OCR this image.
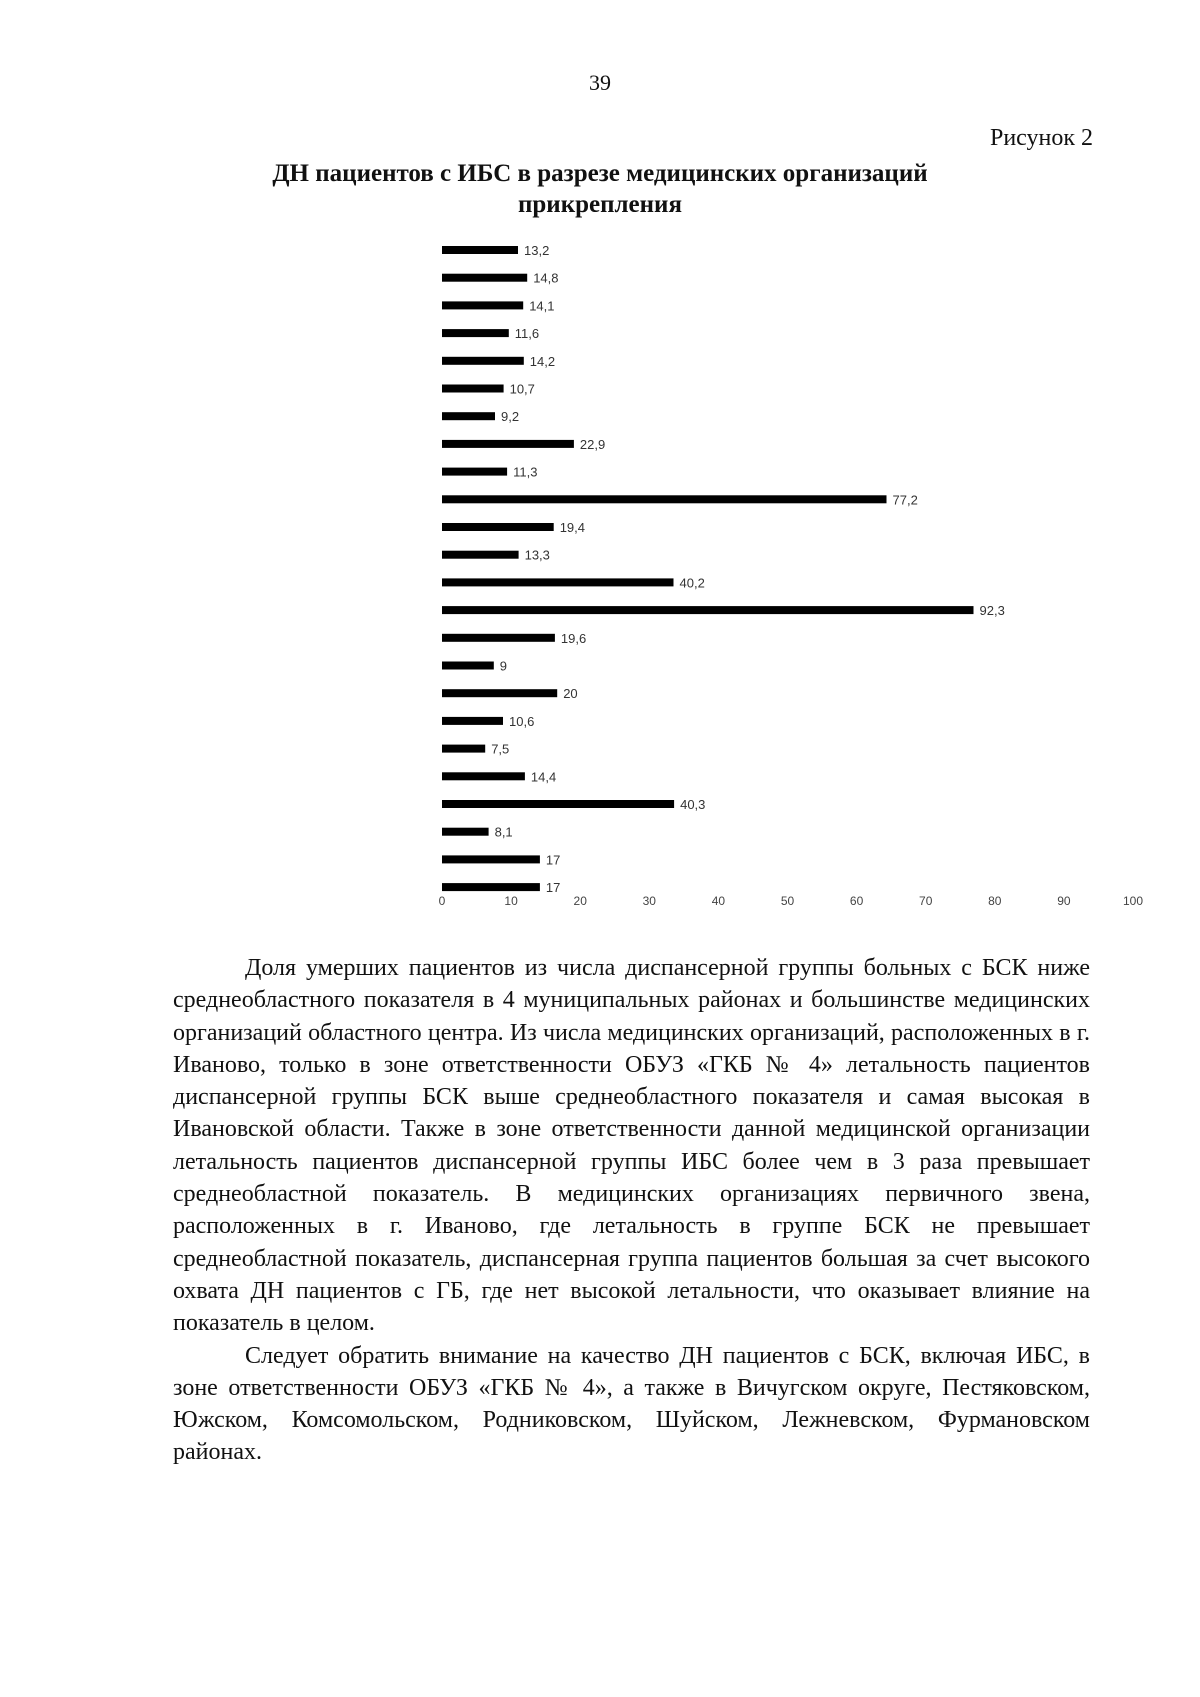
39
Рисунок 2
ДН пациентов с ИБС в разрезе медицинских организаций прикрепления
13,2
14,8
14,1
11,6
14,2
10,7
9,2
22,9
11,3
77,2
19,4
13,3
40,2
92,3
19,6
9
20
10,6
7,5
14,4
40,3
8,1
17
17
0	10	20	30	40	50	60	70	80	90	100

Доля умерших пациентов из числа диспансерной группы больных с БСК ниже среднеобластного показателя в 4 муниципальных районах и большинстве медицинских организаций областного центра. Из числа медицинских организаций, расположенных в г. Иваново, только в зоне ответственности ОБУЗ «ГКБ № 4» летальность пациентов диспансерной группы БСК выше среднеобластного показателя и самая высокая в Ивановской области. Также в зоне ответственности данной медицинской организации летальность пациентов диспансерной группы ИБС более чем в 3 раза превышает среднеобластной показатель. В медицинских организациях первичного звена, расположенных в г. Иваново, где летальность в группе БСК не превышает среднеобластной показатель, диспансерная группа пациентов большая за счет высокого охвата ДН пациентов с ГБ, где нет высокой летальности, что оказывает влияние на показатель в целом.

Следует обратить внимание на качество ДН пациентов с БСК, включая ИБС, в зоне ответственности ОБУЗ «ГКБ № 4», а также в Вичугском округе, Пестяковском, Южском, Комсомольском, Родниковском, Шуйском, Лежневском, Фурмановском районах.
